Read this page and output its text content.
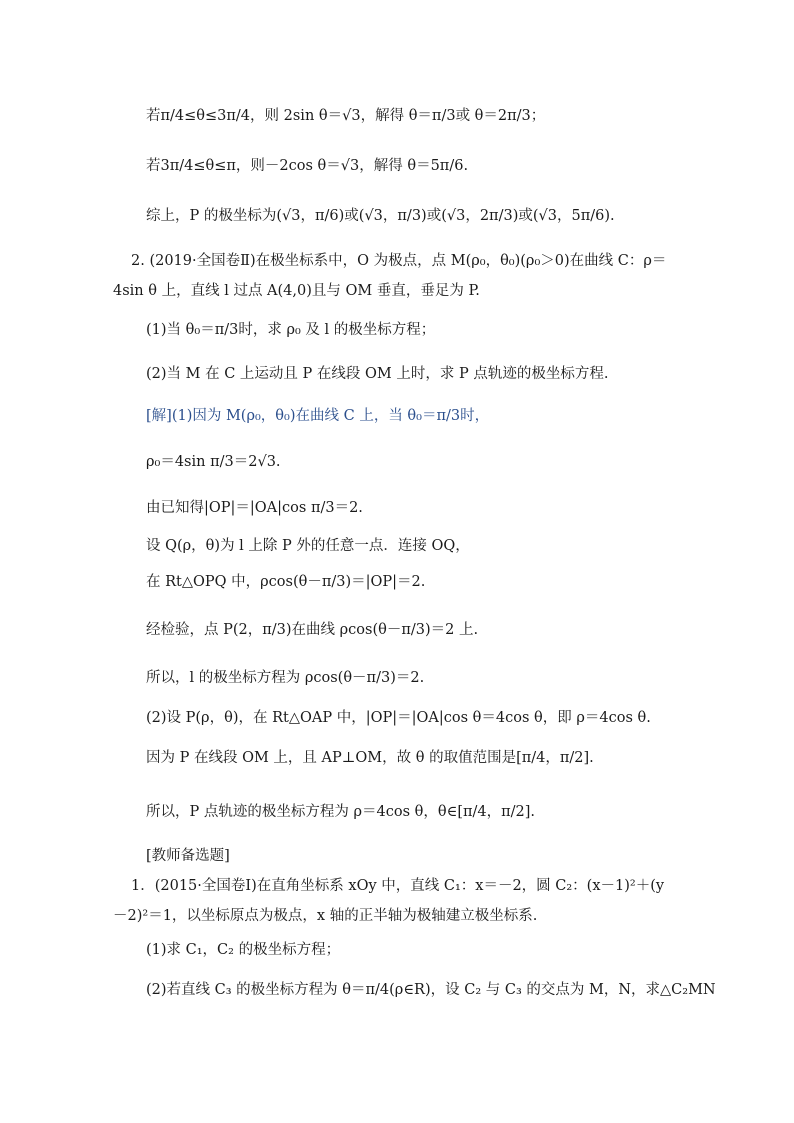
若π/4≤θ≤3π/4，则 2sin θ＝√3，解得 θ＝π/3或 θ＝2π/3；
若3π/4≤θ≤π，则－2cos θ＝√3，解得 θ＝5π/6.
综上，P 的极坐标为(√3，π/6)或(√3，π/3)或(√3，2π/3)或(√3，5π/6).
2. (2019·全国卷Ⅱ)在极坐标系中，O 为极点，点 M(ρ₀，θ₀)(ρ₀＞0)在曲线 C：ρ＝
4sin θ 上，直线 l 过点 A(4,0)且与 OM 垂直，垂足为 P.
(1)当 θ₀＝π/3时，求 ρ₀ 及 l 的极坐标方程；
(2)当 M 在 C 上运动且 P 在线段 OM 上时，求 P 点轨迹的极坐标方程.
[解](1)因为 M(ρ₀，θ₀)在曲线 C 上，当 θ₀＝π/3时，
ρ₀＝4sin π/3＝2√3.
由已知得|OP|＝|OA|cos π/3＝2.
设 Q(ρ，θ)为 l 上除 P 外的任意一点．连接 OQ，
在 Rt△OPQ 中，ρcos(θ－π/3)＝|OP|＝2.
经检验，点 P(2，π/3)在曲线 ρcos(θ－π/3)＝2 上.
所以，l 的极坐标方程为 ρcos(θ－π/3)＝2.
(2)设 P(ρ，θ)，在 Rt△OAP 中，|OP|＝|OA|cos θ＝4cos θ，即 ρ＝4cos θ.
因为 P 在线段 OM 上，且 AP⊥OM，故 θ 的取值范围是[π/4，π/2].
所以，P 点轨迹的极坐标方程为 ρ＝4cos θ，θ∈[π/4，π/2].
[教师备选题]
1．(2015·全国卷Ⅰ)在直角坐标系 xOy 中，直线 C₁：x＝－2，圆 C₂：(x－1)²＋(y
－2)²＝1，以坐标原点为极点，x 轴的正半轴为极轴建立极坐标系.
(1)求 C₁，C₂ 的极坐标方程；
(2)若直线 C₃ 的极坐标方程为 θ＝π/4(ρ∈R)，设 C₂ 与 C₃ 的交点为 M，N，求△C₂MN
